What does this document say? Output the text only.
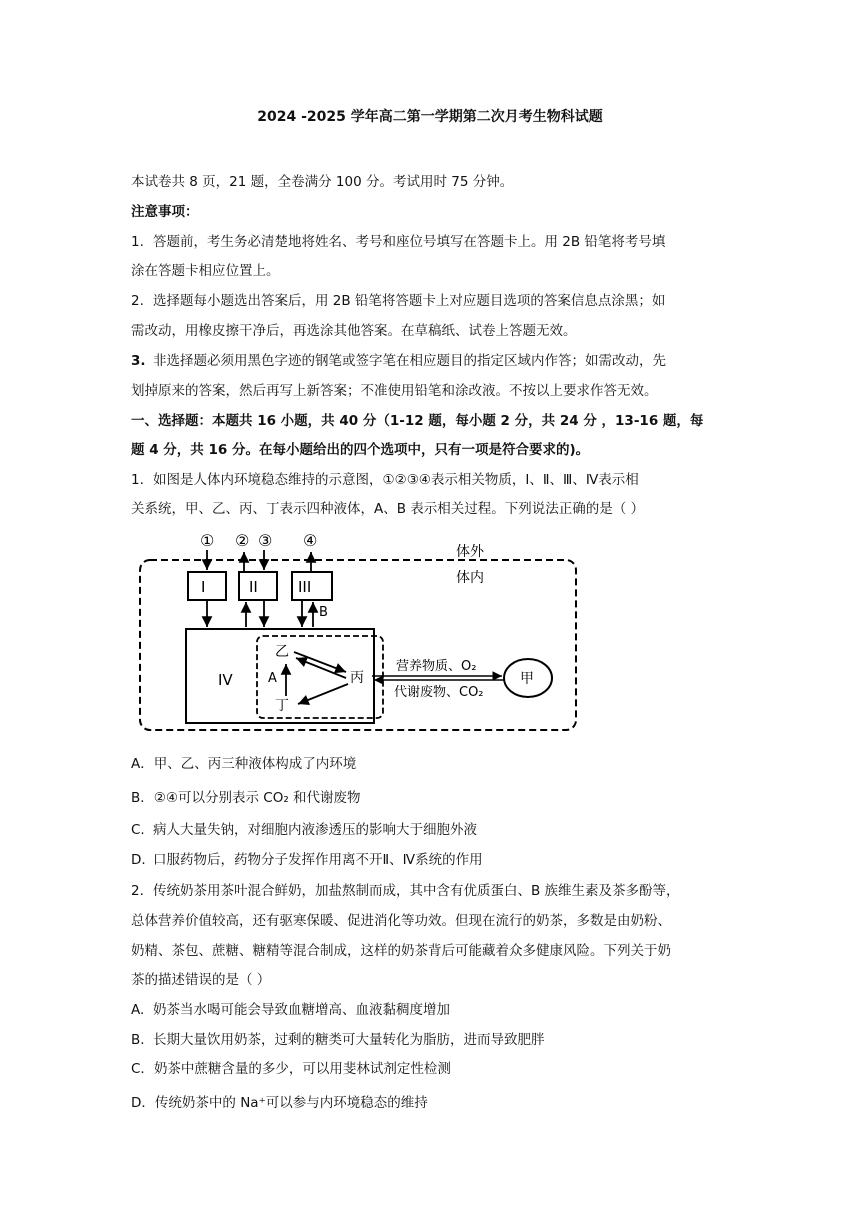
2024 -2025 学年高二第一学期第二次月考生物科试题
本试卷共 8 页，21 题，全卷满分 100 分。考试用时 75 分钟。
注意事项：
1. 答题前，考生务必清楚地将姓名、考号和座位号填写在答题卡上。用 2B 铅笔将考号填
涂在答题卡相应位置上。
2. 选择题每小题选出答案后，用 2B 铅笔将答题卡上对应题目选项的答案信息点涂黑；如
需改动，用橡皮擦干净后，再选涂其他答案。在草稿纸、试卷上答题无效。
3. 非选择题必须用黑色字迹的钢笔或签字笔在相应题目的指定区域内作答；如需改动，先
划掉原来的答案，然后再写上新答案；不准使用铅笔和涂改液。不按以上要求作答无效。
一、选择题：本题共 16 小题，共 40 分（1-12 题，每小题 2 分，共 24 分 ，13-16 题，每
题 4 分，共 16 分。在每小题给出的四个选项中，只有一项是符合要求的)。
1. 如图是人体内环境稳态维持的示意图，①②③④表示相关物质，Ⅰ、Ⅱ、Ⅲ、Ⅳ表示相
关系统，甲、乙、丙、丁表示四种液体，A、B 表示相关过程。下列说法正确的是（ ）
体外
体内
① ② ③ ④
I	II	III
B
IV
乙
丙
丁
A
营养物质、O₂
代谢废物、CO₂
甲
A．甲、乙、丙三种液体构成了内环境
B．②④可以分别表示 CO₂ 和代谢废物
C. 病人大量失钠，对细胞内液渗透压的影响大于细胞外液
D. 口服药物后，药物分子发挥作用离不开Ⅱ、Ⅳ系统的作用
2. 传统奶茶用茶叶混合鲜奶，加盐熬制而成，其中含有优质蛋白、B 族维生素及茶多酚等，
总体营养价值较高，还有驱寒保暖、促进消化等功效。但现在流行的奶茶，多数是由奶粉、
奶精、茶包、蔗糖、糖精等混合制成，这样的奶茶背后可能藏着众多健康风险。下列关于奶
茶的描述错误的是（ ）
A. 奶茶当水喝可能会导致血糖增高、血液黏稠度增加
B. 长期大量饮用奶茶，过剩的糖类可大量转化为脂肪，进而导致肥胖
C．奶茶中蔗糖含量的多少，可以用斐林试剂定性检测
D．传统奶茶中的 Na⁺可以参与内环境稳态的维持
